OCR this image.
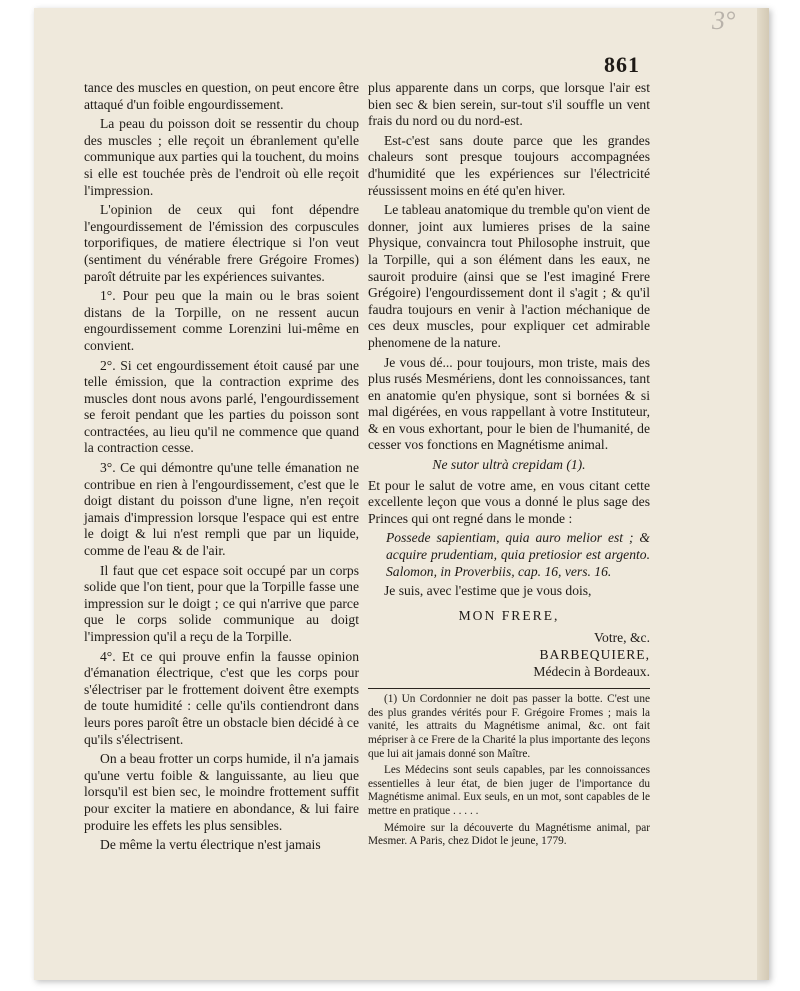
3°
861

tance des muscles en question, on peut encore être attaqué d'un foible engourdissement.

La peau du poisson doit se ressentir du choup des muscles ; elle reçoit un ébranlement qu'elle communique aux parties qui la touchent, du moins si elle est touchée près de l'endroit où elle reçoit l'impression.

L'opinion de ceux qui font dépendre l'engourdissement de l'émission des corpuscules torporifiques, de matiere électrique si l'on veut (sentiment du vénérable frere Grégoire Fromes) paroît détruite par les expériences suivantes.

1°. Pour peu que la main ou le bras soient distans de la Torpille, on ne ressent aucun engourdissement comme Lorenzini lui-même en convient.

2°. Si cet engourdissement étoit causé par une telle émission, que la contraction exprime des muscles dont nous avons parlé, l'engourdissement se feroit pendant que les parties du poisson sont contractées, au lieu qu'il ne commence que quand la contraction cesse.

3°. Ce qui démontre qu'une telle émanation ne contribue en rien à l'engourdissement, c'est que le doigt distant du poisson d'une ligne, n'en reçoit jamais d'impression lorsque l'espace qui est entre le doigt & lui n'est rempli que par un liquide, comme de l'eau & de l'air.

Il faut que cet espace soit occupé par un corps solide que l'on tient, pour que la Torpille fasse une impression sur le doigt ; ce qui n'arrive que parce que le corps solide communique au doigt l'impression qu'il a reçu de la Torpille.

4°. Et ce qui prouve enfin la fausse opinion d'émanation électrique, c'est que les corps pour s'électriser par le frottement doivent être exempts de toute humidité : celle qu'ils contiendront dans leurs pores paroît être un obstacle bien décidé à ce qu'ils s'électrisent.

On a beau frotter un corps humide, il n'a jamais qu'une vertu foible & languissante, au lieu que lorsqu'il est bien sec, le moindre frottement suffit pour exciter la matiere en abondance, & lui faire produire les effets les plus sensibles.

De même la vertu électrique n'est jamais

plus apparente dans un corps, que lorsque l'air est bien sec & bien serein, sur-tout s'il souffle un vent frais du nord ou du nord-est.

Est-c'est sans doute parce que les grandes chaleurs sont presque toujours accompagnées d'humidité que les expériences sur l'électricité réussissent moins en été qu'en hiver.

Le tableau anatomique du tremble qu'on vient de donner, joint aux lumieres prises de la saine Physique, convaincra tout Philosophe instruit, que la Torpille, qui a son élément dans les eaux, ne sauroit produire (ainsi que se l'est imaginé Frere Grégoire) l'engourdissement dont il s'agit ; & qu'il faudra toujours en venir à l'action méchanique de ces deux muscles, pour expliquer cet admirable phenomene de la nature.

Je vous dé... pour toujours, mon triste, mais des plus rusés Mesmériens, dont les connoissances, tant en anatomie qu'en physique, sont si bornées & si mal digérées, en vous rappellant à votre Instituteur, & en vous exhortant, pour le bien de l'humanité, de cesser vos fonctions en Magnétisme animal.

Ne sutor ultrà crepidam (1).

Et pour le salut de votre ame, en vous citant cette excellente leçon que vous a donné le plus sage des Princes qui ont regné dans le monde :

Possede sapientiam, quia auro melior est ; & acquire prudentiam, quia pretiosior est argento. Salomon, in Proverbiis, cap. 16, vers. 16.

Je suis, avec l'estime que je vous dois,

MON FRERE,
Votre, &c.
BARBEQUIERE,
Médecin à Bordeaux.

(1) Un Cordonnier ne doit pas passer la botte. C'est une des plus grandes vérités pour F. Grégoire Fromes ; mais la vanité, les attraits du Magnétisme animal, &c. ont fait mépriser à ce Frere de la Charité la plus importante des leçons que lui ait jamais donné son Maître.

Les Médecins sont seuls capables, par les connoissances essentielles à leur état, de bien juger de l'importance du Magnétisme animal. Eux seuls, en un mot, sont capables de le mettre en pratique . . . . .

Mémoire sur la découverte du Magnétisme animal, par Mesmer. A Paris, chez Didot le jeune, 1779.
